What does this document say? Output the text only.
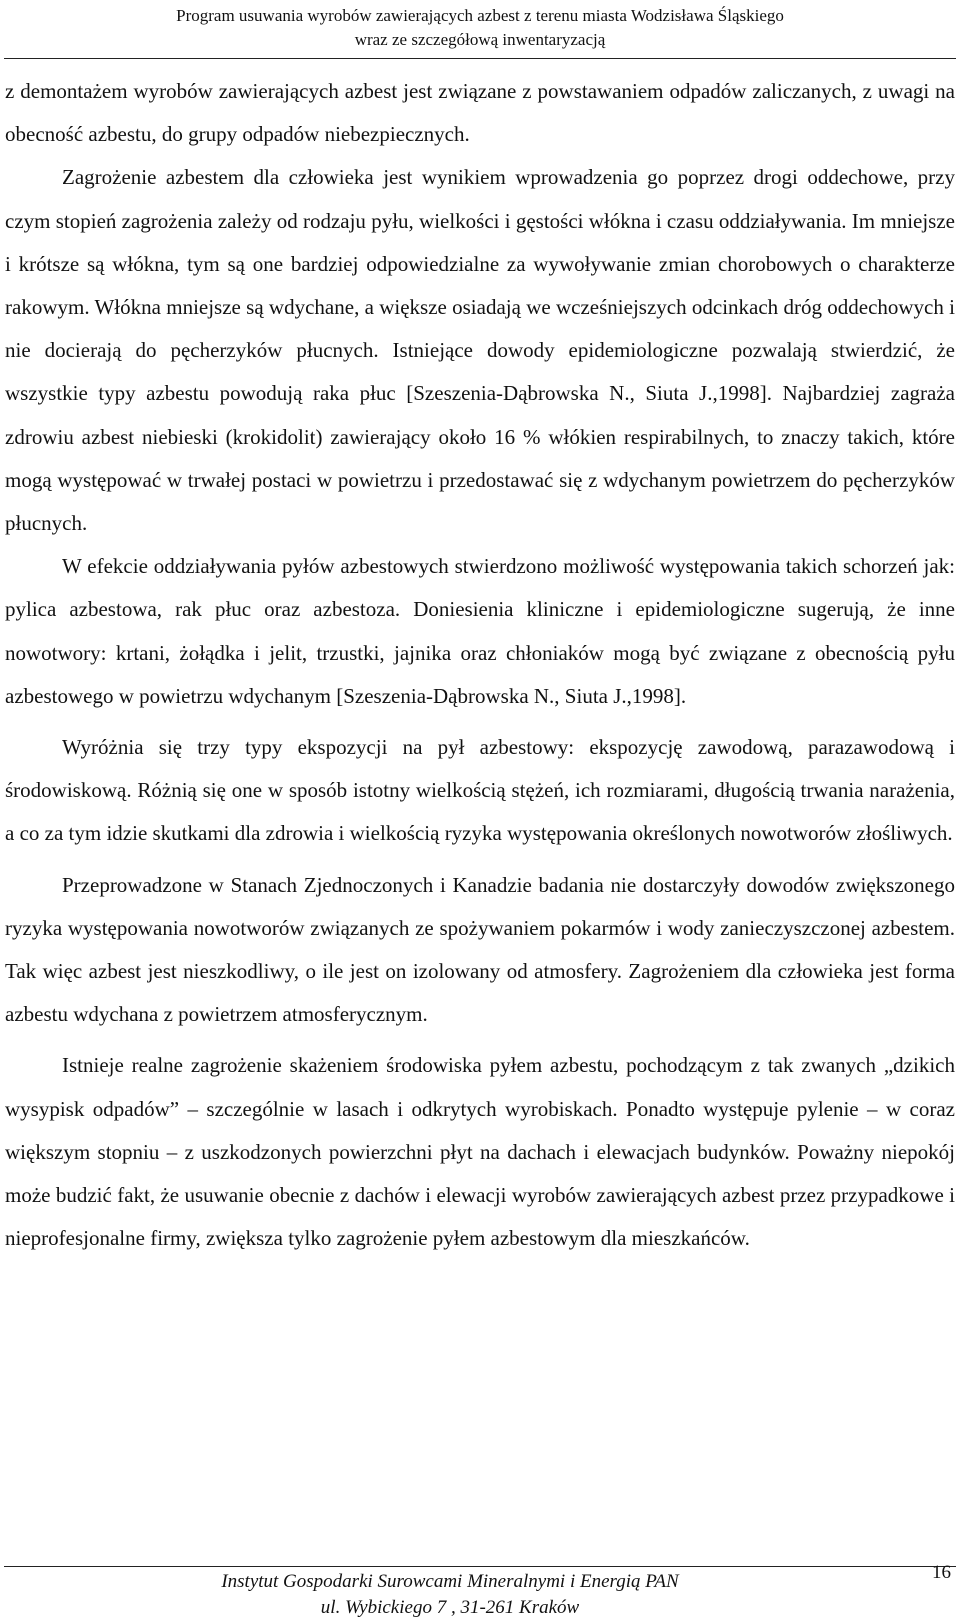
Program usuwania wyrobów zawierających azbest z terenu miasta Wodzisława Śląskiego
wraz ze szczegółową inwentaryzacją

z demontażem wyrobów zawierających azbest jest związane z powstawaniem odpadów zaliczanych, z uwagi na obecność azbestu, do grupy odpadów niebezpiecznych.

Zagrożenie azbestem dla człowieka jest wynikiem wprowadzenia go poprzez drogi oddechowe, przy czym stopień zagrożenia zależy od rodzaju pyłu, wielkości i gęstości włókna i czasu oddziaływania. Im mniejsze i krótsze są włókna, tym są one bardziej odpowiedzialne za wywoływanie zmian chorobowych o charakterze rakowym. Włókna mniejsze są wdychane, a większe osiadają we wcześniejszych odcinkach dróg oddechowych i nie docierają do pęcherzyków płucnych. Istniejące dowody epidemiologiczne pozwalają stwierdzić, że wszystkie typy azbestu powodują raka płuc [Szeszenia-Dąbrowska N., Siuta J.,1998]. Najbardziej zagraża zdrowiu azbest niebieski (krokidolit) zawierający około 16 % włókien respirabilnych, to znaczy takich, które mogą występować w trwałej postaci w powietrzu i przedostawać się z wdychanym powietrzem do pęcherzyków płucnych.

W efekcie oddziaływania pyłów azbestowych stwierdzono możliwość występowania takich schorzeń jak: pylica azbestowa, rak płuc oraz azbestoza. Doniesienia kliniczne i epidemiologiczne sugerują, że inne nowotwory: krtani, żołądka i jelit, trzustki, jajnika oraz chłoniaków mogą być związane z obecnością pyłu azbestowego w powietrzu wdychanym [Szeszenia-Dąbrowska N., Siuta J.,1998].

Wyróżnia się trzy typy ekspozycji na pył azbestowy: ekspozycję zawodową, parazawodową i środowiskową. Różnią się one w sposób istotny wielkością stężeń, ich rozmiarami, długością trwania narażenia, a co za tym idzie skutkami dla zdrowia i wielkością ryzyka występowania określonych nowotworów złośliwych.

Przeprowadzone w Stanach Zjednoczonych i Kanadzie badania nie dostarczyły dowodów zwiększonego ryzyka występowania nowotworów związanych ze spożywaniem pokarmów i wody zanieczyszczonej azbestem. Tak więc azbest jest nieszkodliwy, o ile jest on izolowany od atmosfery. Zagrożeniem dla człowieka jest forma azbestu wdychana z powietrzem atmosferycznym.

Istnieje realne zagrożenie skażeniem środowiska pyłem azbestu, pochodzącym z tak zwanych „dzikich wysypisk odpadów” – szczególnie w lasach i odkrytych wyrobiskach. Ponadto występuje pylenie – w coraz większym stopniu – z uszkodzonych powierzchni płyt na dachach i elewacjach budynków. Poważny niepokój może budzić fakt, że usuwanie obecnie z dachów i elewacji wyrobów zawierających azbest przez przypadkowe i nieprofesjonalne firmy, zwiększa tylko zagrożenie pyłem azbestowym dla mieszkańców.

Instytut Gospodarki Surowcami Mineralnymi i Energią PAN
ul. Wybickiego 7 , 31-261 Kraków
16
